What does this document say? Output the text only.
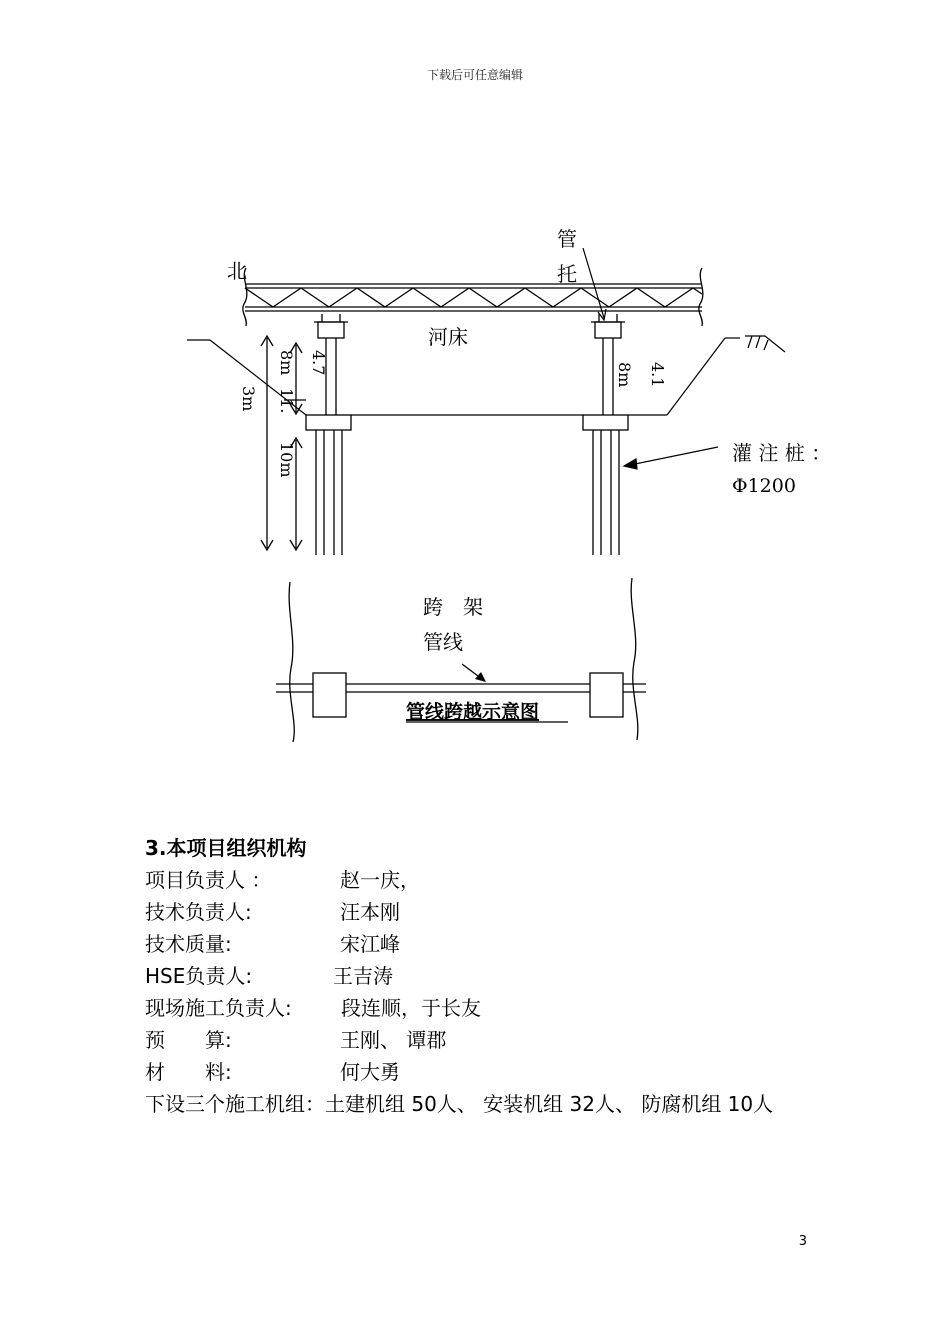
下载后可任意编辑
北
管
托
河床
8m 4.7
11.
3m
10m
8m 4.1
灌 注 桩 ：
Φ1200
跨　架
管线
管线跨越示意图
3.本项目组织机构
项目负责人 ：	赵一庆，
技术负责人:	汪本刚
技术质量:	宋江峰
HSE负责人:	王吉涛
现场施工负责人: 段连顺，于长友
预　　算:	王刚、 谭郡
材　　料:	何大勇
下设三个施工机组：土建机组 50人、 安装机组 32人、 防腐机组 10人
3
